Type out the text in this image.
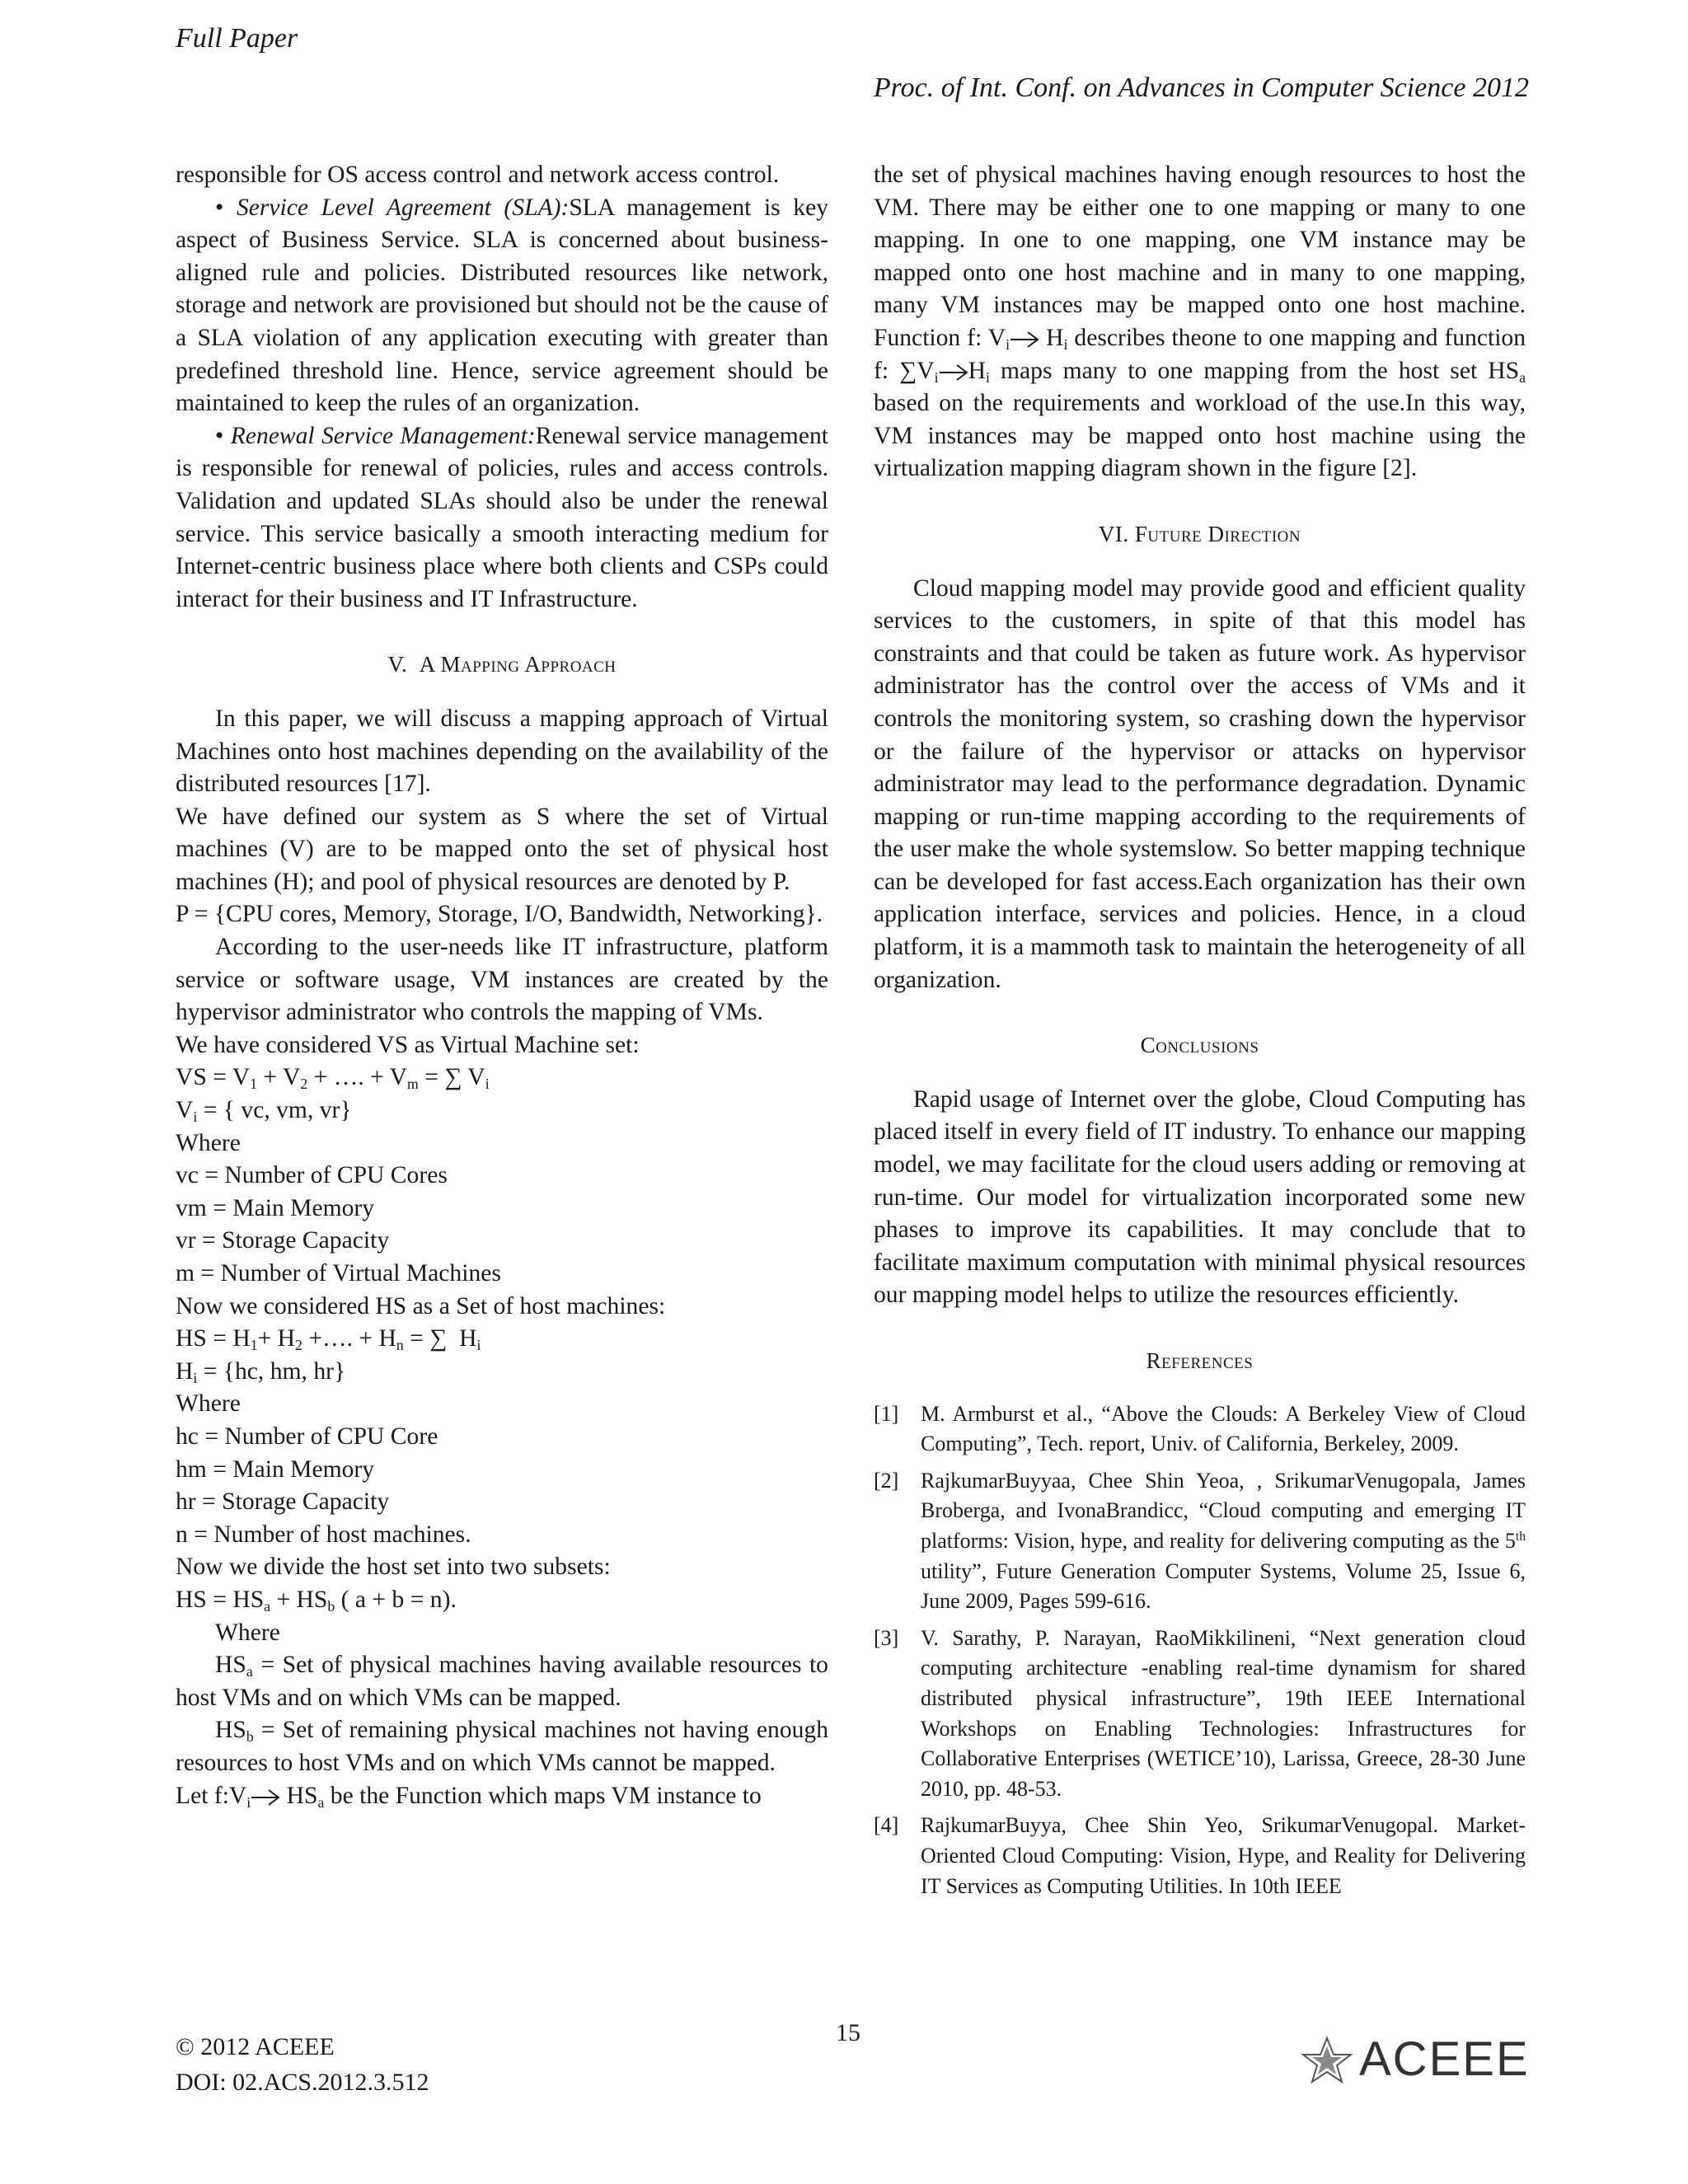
Full Paper
Proc. of Int. Conf. on Advances in Computer Science 2012

responsible for OS access control and network access control.

• Service Level Agreement (SLA):SLA management is key aspect of Business Service. SLA is concerned about business-aligned rule and policies. Distributed resources like network, storage and network are provisioned but should not be the cause of a SLA violation of any application executing with greater than predefined threshold line. Hence, service agreement should be maintained to keep the rules of an organization.

• Renewal Service Management:Renewal service management is responsible for renewal of policies, rules and access controls. Validation and updated SLAs should also be under the renewal service. This service basically a smooth interacting medium for Internet-centric business place where both clients and CSPs could interact for their business and IT Infrastructure.

V. A Mapping Approach

In this paper, we will discuss a mapping approach of Virtual Machines onto host machines depending on the availability of the distributed resources [17].

We have defined our system as S where the set of Virtual machines (V) are to be mapped onto the set of physical host machines (H); and pool of physical resources are denoted by P.

P = {CPU cores, Memory, Storage, I/O, Bandwidth, Networking}.

According to the user-needs like IT infrastructure, platform service or software usage, VM instances are created by the hypervisor administrator who controls the mapping of VMs.

We have considered VS as Virtual Machine set:
VS = $V_1 + V_2$ + …. + $V_m$ = ∑ $V_i$
$V_i$ = { vc, vm, vr}
Where
vc = Number of CPU Cores
vm = Main Memory
vr = Storage Capacity
m = Number of Virtual Machines
Now we considered HS as a Set of host machines:
HS = $H_1+ H_2$ +…. + $H_n$ = ∑  $H_i$
$H_i = \{hc$, hm, hr}
Where
hc = Number of CPU Core
hm = Main Memory
hr = Storage Capacity
n = Number of host machines.
Now we divide the host set into two subsets:
HS = $HS_a + HS_b$ ( a + b = n).
Where

$HS_a$ = Set of physical machines having available resources to host VMs and on which VMs can be mapped.

$HS_b$ = Set of remaining physical machines not having enough resources to host VMs and on which VMs cannot be mapped.

Let $f:V_i$ $HS_a$ be the Function which maps VM instance to

the set of physical machines having enough resources to host the VM. There may be either one to one mapping or many to one mapping. In one to one mapping, one VM instance may be mapped onto one host machine and in many to one mapping, many VM instances may be mapped onto one host machine. Function f: $V_i$ $H_i$ describes theone to one mapping and function f: $\sum V_i$ $H_i$ maps many to one mapping from the host set $HS_a$ based on the requirements and workload of the use.In this way, VM instances may be mapped onto host machine using the virtualization mapping diagram shown in the figure [2].

VI. Future Direction

Cloud mapping model may provide good and efficient quality services to the customers, in spite of that this model has constraints and that could be taken as future work. As hypervisor administrator has the control over the access of VMs and it controls the monitoring system, so crashing down the hypervisor or the failure of the hypervisor or attacks on hypervisor administrator may lead to the performance degradation. Dynamic mapping or run-time mapping according to the requirements of the user make the whole systemslow. So better mapping technique can be developed for fast access.Each organization has their own application interface, services and policies. Hence, in a cloud platform, it is a mammoth task to maintain the heterogeneity of all organization.

Conclusions

Rapid usage of Internet over the globe, Cloud Computing has placed itself in every field of IT industry. To enhance our mapping model, we may facilitate for the cloud users adding or removing at run-time. Our model for virtualization incorporated some new phases to improve its capabilities. It may conclude that to facilitate maximum computation with minimal physical resources our mapping model helps to utilize the resources efficiently.

References
[1] M. Armburst et al., “Above the Clouds: A Berkeley View of Cloud Computing”, Tech. report, Univ. of California, Berkeley, 2009.
[2] RajkumarBuyyaa, Chee Shin Yeoa, , SrikumarVenugopala, James Broberga, and IvonaBrandicc, “Cloud computing and emerging IT platforms: Vision, hype, and reality for delivering computing as the 5th utility”, Future Generation Computer Systems, Volume 25, Issue 6, June 2009, Pages 599-616.
[3] V. Sarathy, P. Narayan, RaoMikkilineni, “Next generation cloud computing architecture -enabling real-time dynamism for shared distributed physical infrastructure”, 19th IEEE International Workshops on Enabling Technologies: Infrastructures for Collaborative Enterprises (WETICE’10), Larissa, Greece, 28-30 June 2010, pp. 48-53.
[4] RajkumarBuyya, Chee Shin Yeo, SrikumarVenugopal. Market-Oriented Cloud Computing: Vision, Hype, and Reality for Delivering IT Services as Computing Utilities. In 10th IEEE
© 2012 ACEEE
DOI: 02.ACS.2012.3.512
15	ACEEE
